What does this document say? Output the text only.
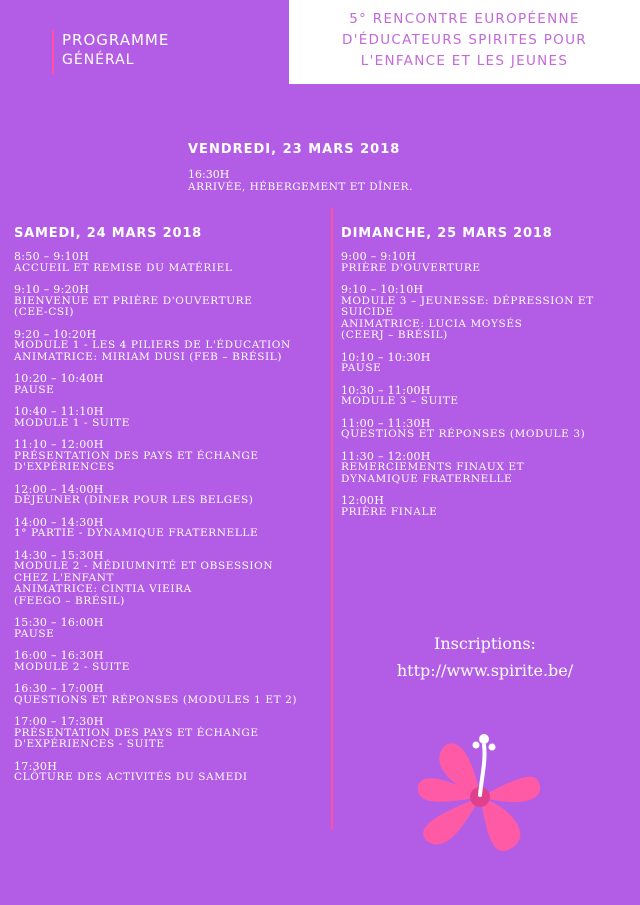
PROGRAMME
GÉNÉRAL
5° RENCONTRE EUROPÉENNE
D'ÉDUCATEURS SPIRITES POUR
L'ENFANCE ET LES JEUNES
VENDREDI, 23 MARS 2018
16:30H
ARRIVÉE, HÉBERGEMENT ET DÎNER.
SAMEDI, 24 MARS 2018
8:50 – 9:10H
ACCUEIL ET REMISE DU MATÉRIEL
9:10 – 9:20H
BIENVENUE ET PRIÈRE D'OUVERTURE
(CEE-CSI)
9:20 – 10:20H
MODULE 1 - LES 4 PILIERS DE L'ÉDUCATION
ANIMATRICE: MIRIAM DUSI (FEB – BRÉSIL)
10:20 – 10:40H
PAUSE
10:40 – 11:10H
MODULE 1 - SUITE
11:10 – 12:00H
PRÉSENTATION DES PAYS ET ÉCHANGE
D'EXPÉRIENCES
12:00 – 14:00H
DÉJEUNER (DINER POUR LES BELGES)
14:00 – 14:30H
1° PARTIE - DYNAMIQUE FRATERNELLE
14:30 – 15:30H
MODULE 2 - MÉDIUMNITÉ ET OBSESSION
CHEZ L'ENFANT
ANIMATRICE: CINTIA VIEIRA
(FEEGO – BRÉSIL)
15:30 – 16:00H
PAUSE
16:00 – 16:30H
MODULE 2 - SUITE
16:30 – 17:00H
QUESTIONS ET RÉPONSES (MODULES 1 ET 2)
17:00 – 17:30H
PRÉSENTATION DES PAYS ET ÉCHANGE
D'EXPÉRIENCES - SUITE
17:30H
CLÔTURE DES ACTIVITÉS DU SAMEDI
DIMANCHE, 25 MARS 2018
9:00 – 9:10H
PRIÈRE D'OUVERTURE
9:10 – 10:10H
MODULE 3 – JEUNESSE: DÉPRESSION ET
SUICIDE
ANIMATRICE: LUCIA MOYSÉS
(CEERJ – BRÉSIL)
10:10 – 10:30H
PAUSE
10:30 – 11:00H
MODULE 3 – SUITE
11:00 – 11:30H
QUESTIONS ET RÉPONSES (MODULE 3)
11:30 – 12:00H
REMERCIEMENTS FINAUX ET
DYNAMIQUE FRATERNELLE
12:00H
PRIÈRE FINALE
Inscriptions:
http://www.spirite.be/
